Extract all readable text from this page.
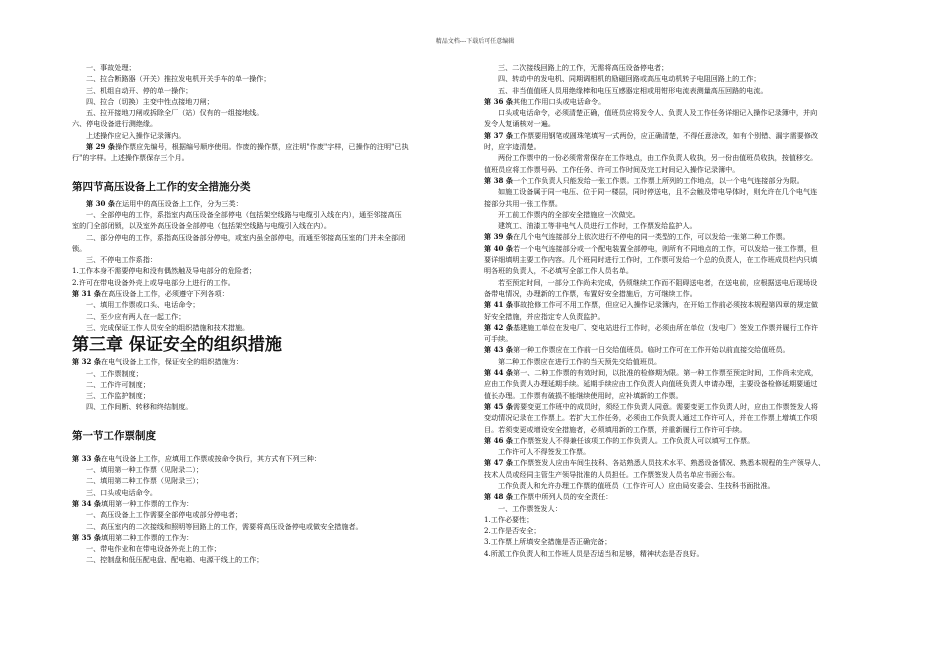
精品文档---下载后可任意编辑
一、事故处理；
二、拉合断路器（开关）推拉发电机开关手车的单一操作；
三、机组自动开、停的单一操作；
四、拉合（切换）主变中性点接地刀闸；
五、拉开接地刀闸或拆除全厂（站）仅有的一组接地线。
六、停电设备进行测绝缘。
上述操作应记入操作记录簿内。
第 29 条操作票应先编号，根据编号顺序使用。作废的操作票，应注明"作废"字样，已操作的注明"已执
行"的字样。上述操作票保存三个月。
第四节高压设备上工作的安全措施分类
第 30 条在运用中的高压设备上工作，分为三类：
一、全部停电的工作，系指室内高压设备全部停电（包括架空线路与电缆引入线在内），通至邻接高压
室的门全部闭锁，以及室外高压设备全部停电（包括架空线路与电缆引入线在内）。
二、部分停电的工作，系指高压设备部分停电，或室内虽全部停电，而通至邻接高压室的门并未全部闭
锁。
三、不停电工作系指：
1.工作本身不需要停电和没有偶然触及导电部分的危险者；
2.许可在带电设备外壳上或导电部分上进行的工作。
第 31 条在高压设备上工作，必须遵守下列各项：
一、填用工作票或口头、电话命令；
二、至少应有两人在一起工作；
三、完成保证工作人员安全的组织措施和技术措施。
第三章 保证安全的组织措施
第 32 条在电气设备上工作，保证安全的组织措施为：
一、工作票制度；
二、工作许可制度；
三、工作监护制度；
四、工作间断、转移和终结制度。
第一节工作票制度
第 33 条在电气设备上工作，应填用工作票或按命令执行，其方式有下列三种：
一、填用第一种工作票（见附录二）；
二、填用第二种工作票（见附录三）；
三、口头或电话命令。
第 34 条填用第一种工作票的工作为：
一、高压设备上工作需要全部停电或部分停电者；
二、高压室内的二次接线和照明等回路上的工作，需要将高压设备停电或做安全措施者。
第 35 条填用第二种工作票的工作为：
一、带电作业和在带电设备外壳上的工作；
二、控制盘和低压配电盘、配电箱、电源干线上的工作；
三、二次接线回路上的工作，无需将高压设备停电者；
四、转动中的发电机、同期调相机的励磁回路或高压电动机转子电阻回路上的工作；
五、非当值值班人员用绝缘棒和电压互感器定相或用钳形电流表测量高压回路的电流。
第 36 条其他工作用口头或电话命令。
口头或电话命令，必须清楚正确，值班员应将发令人、负责人及工作任务详细记入操作记录簿中，并向
发令人复诵核对一遍。
第 37 条工作票要用钢笔或圆珠笔填写一式两份，应正确清楚，不得任意涂改，如有个别错、漏字需要修改
时，应字迹清楚。
两份工作票中的一份必须常常保存在工作地点，由工作负责人收执，另一份由值班员收执，按值移交。
值班员应将工作票号码、工作任务、许可工作时间及完工时间记入操作记录簿中。
第 38 条一个工作负责人只能发给一张工作票。工作票上所列的工作地点，以一个电气连接部分为限。
如施工设备属于同一电压、位于同一楼层，同时停送电，且不会触及带电导体时，则允许在几个电气连
接部分共用一张工作票。
开工前工作票内的全部安全措施应一次做完。
建筑工、油漆工等非电气人员进行工作时，工作票发给监护人。
第 39 条在几个电气连接部分上依次进行不停电的同一类型的工作，可以发给一张第二种工作票。
第 40 条若一个电气连接部分或一个配电装置全部停电，则所有不同地点的工作，可以发给一张工作票，但
要详细填明主要工作内容。几个班同时进行工作时，工作票可发给一个总的负责人，在工作班成员栏内只填
明各班的负责人，不必填写全部工作人员名单。
若至预定时间，一部分工作尚未完成，仍须继续工作而不阻碍送电者，在送电前，应根据送电后现场设
备带电情况，办理新的工作票，布置好安全措施后，方可继续工作。
第 41 条事故抢修工作可不用工作票，但应记入操作记录簿内，在开始工作前必须按本规程第四章的规定做
好安全措施，并应指定专人负责监护。
第 42 条基建施工单位在发电厂、变电站进行工作时，必须由所在单位（发电厂）签发工作票并履行工作许
可手续。
第 43 条第一种工作票应在工作前一日交给值班员。临时工作可在工作开始以前直接交给值班员。
第二种工作票应在进行工作的当天预先交给值班员。
第 44 条第一、二种工作票的有效时间，以批准的检修期为限。第一种工作票至预定时间，工作尚未完成，
应由工作负责人办理延期手续。延期手续应由工作负责人向值班负责人申请办理，主要设备检修延期要通过
值长办理。工作票有破损不能继续使用时，应补填新的工作票。
第 45 条需要变更工作班中的成员时，须经工作负责人同意。需要变更工作负责人时，应由工作票签发人将
变动情况记录在工作票上。若扩大工作任务，必须由工作负责人通过工作许可人，并在工作票上增填工作项
目。若须变更或增设安全措施者，必须填用新的工作票，并重新履行工作许可手续。
第 46 条工作票签发人不得兼任该项工作的工作负责人。工作负责人可以填写工作票。
工作许可人不得签发工作票。
第 47 条工作票签发人应由车间生技科、各站熟悉人员技术水平、熟悉设备情况、熟悉本规程的生产领导人、
技术人员或经同主管生产领导批准的人员担任。工作票签发人员名单应书面公布。
工作负责人和允许办理工作票的值班员（工作许可人）应由局安委会、生技科书面批准。
第 48 条工作票中所列人员的安全责任：
一、工作票签发人：
1.工作必要性；
2.工作是否安全；
3.工作票上所填安全措施是否正确完备；
4.所派工作负责人和工作班人员是否适当和足够，精神状态是否良好。
